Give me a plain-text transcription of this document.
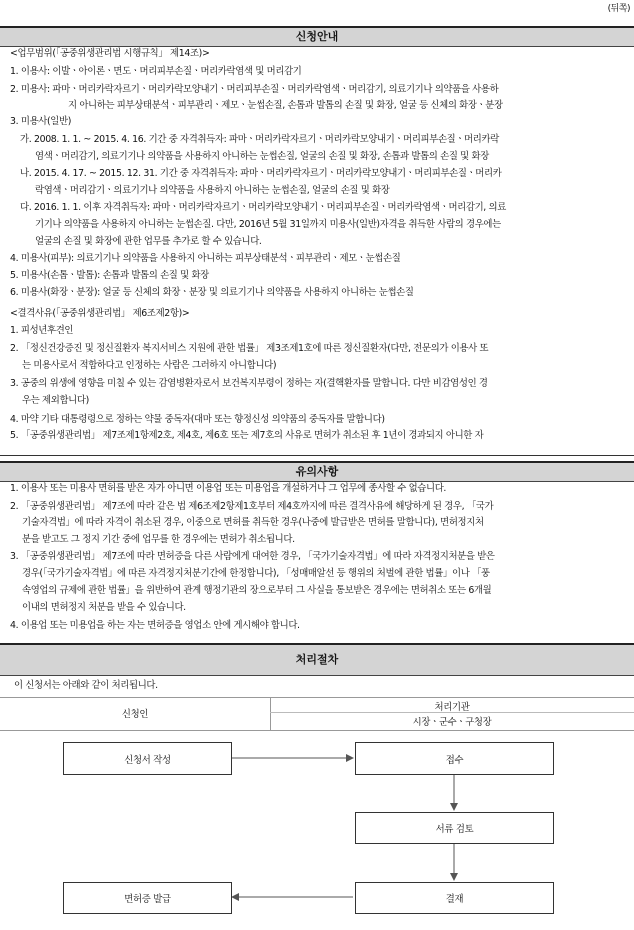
(뒤쪽)
신청안내
<업무범위(「공중위생관리법 시행규칙」 제14조)>
1. 이용사: 이발ㆍ아이론ㆍ면도ㆍ머리피부손질ㆍ머리카락염색 및 머리감기
2. 미용사: 파마ㆍ머리카락자르기ㆍ머리카락모양내기ㆍ머리피부손질ㆍ머리카락염색ㆍ머리감기, 의료기기나 의약품을 사용하
지 아니하는 피부상태분석ㆍ피부관리ㆍ제모ㆍ눈썹손질, 손톱과 발톱의 손질 및 화장, 얼굴 등 신체의 화장ㆍ분장
3. 미용사(일반)
가. 2008. 1. 1. ~ 2015. 4. 16. 기간 중 자격취득자: 파마ㆍ머리카락자르기ㆍ머리카락모양내기ㆍ머리피부손질ㆍ머리카락
염색ㆍ머리감기, 의료기기나 의약품을 사용하지 아니하는 눈썹손질, 얼굴의 손질 및 화장, 손톱과 발톱의 손질 및 화장
나. 2015. 4. 17. ~ 2015. 12. 31. 기간 중 자격취득자: 파마ㆍ머리카락자르기ㆍ머리카락모양내기ㆍ머리피부손질ㆍ머리카
락염색ㆍ머리감기ㆍ의료기기나 의약품을 사용하지 아니하는 눈썹손질, 얼굴의 손질 및 화장
다. 2016. 1. 1. 이후 자격취득자: 파마ㆍ머리카락자르기ㆍ머리카락모양내기ㆍ머리피부손질ㆍ머리카락염색ㆍ머리감기, 의료
기기나 의약품을 사용하지 아니하는 눈썹손질. 다만, 2016년 5월 31일까지 미용사(일반)자격을 취득한 사람의 경우에는
얼굴의 손질 및 화장에 관한 업무를 추가로 할 수 있습니다.
4. 미용사(피부): 의료기기나 의약품을 사용하지 아니하는 피부상태분석ㆍ피부관리ㆍ제모ㆍ눈썹손질
5. 미용사(손톱ㆍ발톱): 손톱과 발톱의 손질 및 화장
6. 미용사(화장ㆍ분장): 얼굴 등 신체의 화장ㆍ분장 및 의료기기나 의약품을 사용하지 아니하는 눈썹손질
<결격사유(「공중위생관리법」 제6조제2항)>
1. 피성년후견인
2. 「정신건강증진 및 정신질환자 복지서비스 지원에 관한 법률」 제3조제1호에 따른 정신질환자(다만, 전문의가 이용사 또
는 미용사로서 적합하다고 인정하는 사람은 그러하지 아니합니다)
3. 공중의 위생에 영향을 미칠 수 있는 감염병환자로서 보건복지부령이 정하는 자(결핵환자를 말합니다. 다만 비감염성인 경
우는 제외합니다)
4. 마약 기타 대통령령으로 정하는 약물 중독자(대마 또는 향정신성 의약품의 중독자를 말합니다)
5. 「공중위생관리법」 제7조제1항제2호, 제4호, 제6호 또는 제7호의 사유로 면허가 취소된 후 1년이 경과되지 아니한 자
유의사항
1. 이용사 또는 미용사 면허를 받은 자가 아니면 이용업 또는 미용업을 개설하거나 그 업무에 종사할 수 없습니다.
2. 「공중위생관리법」 제7조에 따라 같은 법 제6조제2항제1호부터 제4호까지에 따른 결격사유에 해당하게 된 경우, 「국가
기술자격법」에 따라 자격이 취소된 경우, 이중으로 면허를 취득한 경우(나중에 발급받은 면허를 말합니다), 면허정지처
분을 받고도 그 정지 기간 중에 업무를 한 경우에는 면허가 취소됩니다.
3. 「공중위생관리법」 제7조에 따라 면허증을 다른 사람에게 대여한 경우, 「국가기술자격법」에 따라 자격정지처분을 받은
경우(「국가기술자격법」에 따른 자격정지처분기간에 한정합니다), 「성매매알선 등 행위의 처벌에 관한 법률」이나 「풍
속영업의 규제에 관한 법률」을 위반하여 관계 행정기관의 장으로부터 그 사실을 통보받은 경우에는 면허취소 또는 6개월
이내의 면허정지 처분을 받을 수 있습니다.
4. 이용업 또는 미용업을 하는 자는 면허증을 영업소 안에 게시해야 합니다.
처리절차
이 신청서는 아래와 같이 처리됩니다.
신청인
처리기관
시장ㆍ군수ㆍ구청장
신청서 작성	접수
서류 검토
결재
면허증 발급
